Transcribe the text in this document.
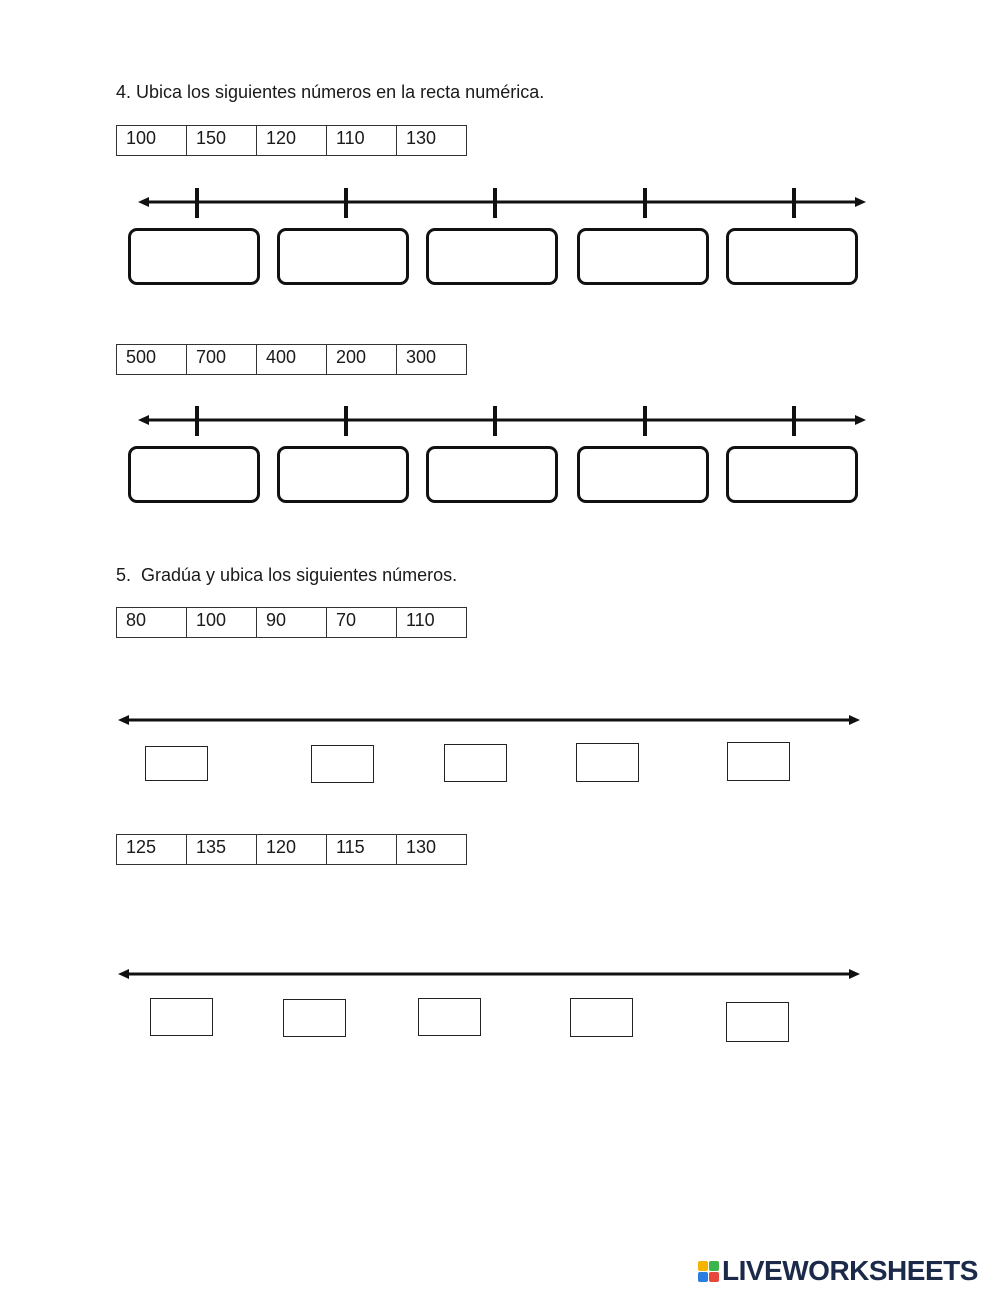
4. Ubica los siguientes números en la recta numérica.
100	150	120	110	130
500	700	400	200	300
5.  Gradúa y ubica los siguientes números.
80	100	90	70	110
125	135	120	115	130
LIVEWORKSHEETS
